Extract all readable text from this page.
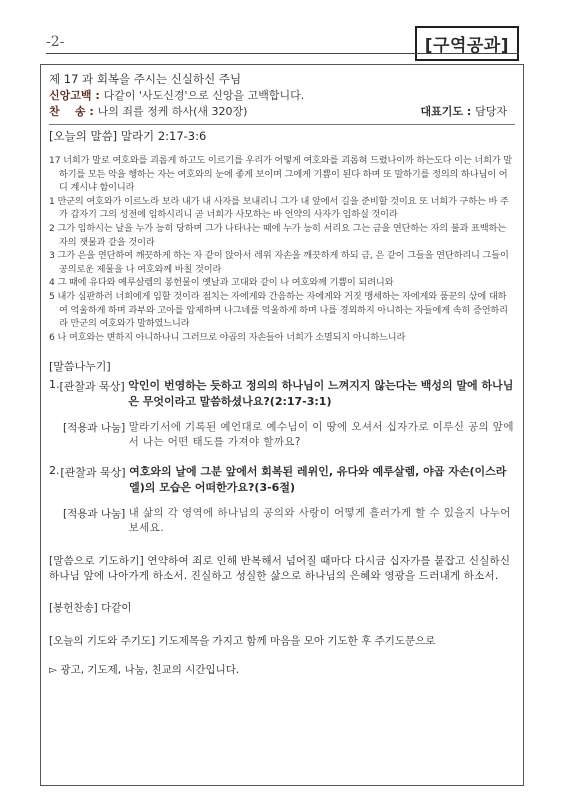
-2-	[구역공과]
제 17 과 회복을 주시는 신실하신 주님
신앙고백 : 다같이 '사도신경'으로 신앙을 고백합니다.
찬    송 : 나의 죄를 정케 하사(새 320장)	대표기도 : 담당자
[오늘의 말씀] 말라기 2:17-3:6
17 너희가 말로 여호와를 괴롭게 하고도 이르기를 우리가 어떻게 여호와를 괴롭혀 드렸나이까 하는도다 이는 너희가 말하기를 모든 악을 행하는 자는 여호와의 눈에 좋게 보이며 그에게 기쁨이 된다 하며 또 말하기를 정의의 하나님이 어디 계시냐 함이니라
1 만군의 여호와가 이르노라 보라 내가 내 사자를 보내리니 그가 내 앞에서 길을 준비할 것이요 또 너희가 구하는 바 주가 갑자기 그의 성전에 임하시리니 곧 너희가 사모하는 바 언약의 사자가 임하실 것이라
2 그가 임하시는 날을 누가 능히 당하며 그가 나타나는 때에 누가 능히 서리요 그는 금을 연단하는 자의 불과 표백하는 자의 잿물과 같을 것이라
3 그가 은을 연단하여 깨끗하게 하는 자 같이 앉아서 레위 자손을 깨끗하게 하되 금, 은 같이 그들을 연단하리니 그들이 공의로운 제물을 나 여호와께 바칠 것이라
4 그 때에 유다와 예루살렘의 봉헌물이 옛날과 고대와 같이 나 여호와께 기쁨이 되려니와
5 내가 심판하러 너희에게 임할 것이라 점치는 자에게와 간음하는 자에게와 거짓 맹세하는 자에게와 품꾼의 삯에 대하여 억울하게 하며 과부와 고아를 압제하며 나그네를 억울하게 하며 나를 경외하지 아니하는 자들에게 속히 증언하리라 만군의 여호와가 말하였느니라
6 나 여호와는 변하지 아니하나니 그러므로 야곱의 자손들아 너희가 소멸되지 아니하느니라
[말씀나누기]
1. [관찰과 묵상] 악인이 번영하는 듯하고 정의의 하나님이 느껴지지 않는다는 백성의 말에 하나님은 무엇이라고 말씀하셨나요?(2:17-3:1)
[적용과 나눔] 말라기서에 기록된 예언대로 예수님이 이 땅에 오셔서 십자가로 이루신 공의 앞에서 나는 어떤 태도를 가져야 할까요?
2. [관찰과 묵상] 여호와의 날에 그분 앞에서 회복된 레위인, 유다와 예루살렘, 야곱 자손(이스라엘)의 모습은 어떠한가요?(3-6절)
[적용과 나눔] 내 삶의 각 영역에 하나님의 공의와 사랑이 어떻게 흘러가게 할 수 있을지 나누어 보세요.
[말씀으로 기도하기] 연약하여 죄로 인해 반복해서 넘어질 때마다 다시금 십자가를 붙잡고 신실하신 하나님 앞에 나아가게 하소서. 진실하고 성실한 삶으로 하나님의 은혜와 영광을 드러내게 하소서.
[봉헌찬송] 다같이
[오늘의 기도와 주기도] 기도제목을 가지고 함께 마음을 모아 기도한 후 주기도문으로
▻ 광고, 기도제, 나눔, 친교의 시간입니다.
